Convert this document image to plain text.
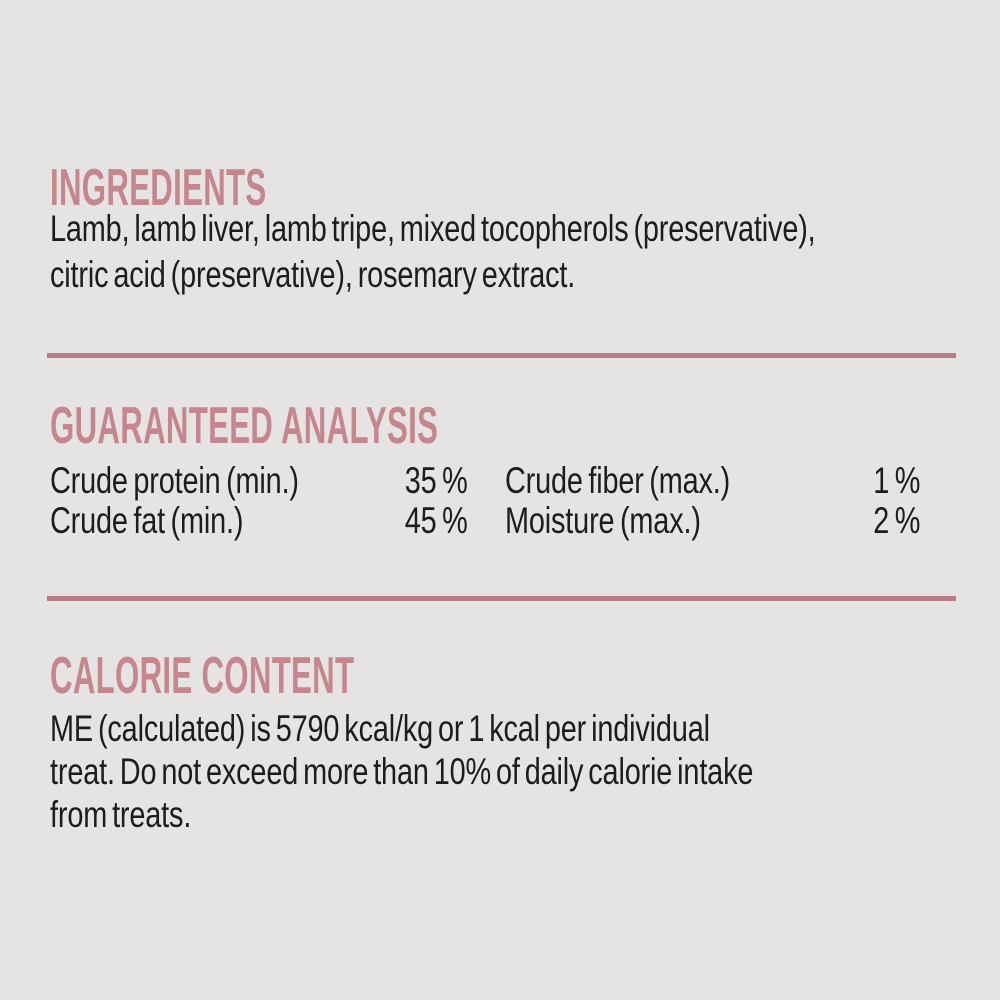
INGREDIENTS
Lamb, lamb liver, lamb tripe, mixed tocopherols (preservative),
citric acid (preservative), rosemary extract.
GUARANTEED ANALYSIS
Crude protein (min.)	35 % Crude fiber (max.)	1 %
Crude fat (min.)	45 % Moisture (max.)	2 %
CALORIE CONTENT
ME (calculated) is 5790 kcal/kg or 1 kcal per individual
treat. Do not exceed more than 10% of daily calorie intake
from treats.
